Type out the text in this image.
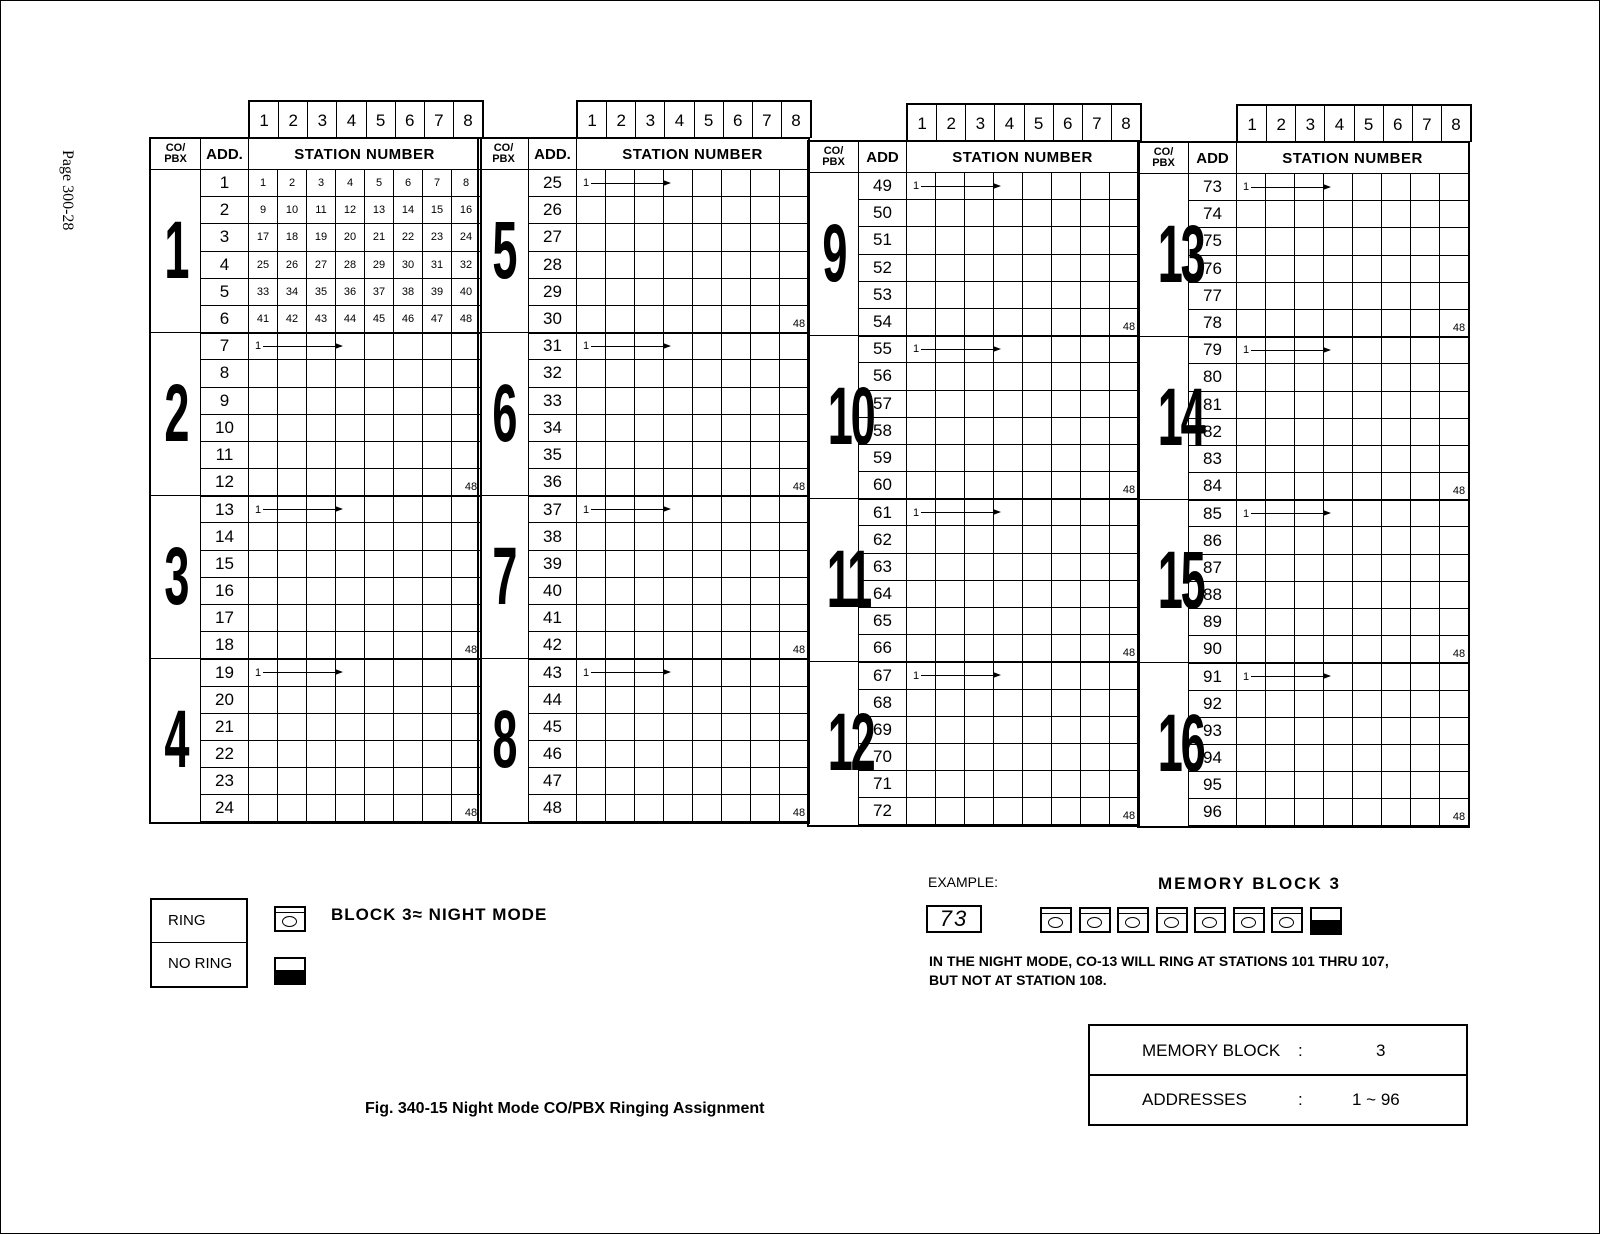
Page 300-28
1	2	3	4	5	6	7	8
CO/
PBX	ADD.	STATION NUMBER							
1	1	1	2	3	4	5	6	7	8
	2	9	10	11	12	13	14	15	16
	3	17	18	19	20	21	22	23	24
	4	25	26	27	28	29	30	31	32
	5	33	34	35	36	37	38	39	40
	6	41	42	43	44	45	46	47	48
2	7	1							

	8								
	9								
	10								
	11								
	12								48
3	13	1							

	14								
	15								
	16								
	17								
	18								48
4	19	1							

	20								
	21								
	22								
	23								
	24								48
1	2	3	4	5	6	7	8
CO/
PBX	ADD.	STATION NUMBER							
5	25	1							

	26								
	27								
	28								
	29								
	30								48
6	31	1							

	32								
	33								
	34								
	35								
	36								48
7	37	1							

	38								
	39								
	40								
	41								
	42								48
8	43	1							

	44								
	45								
	46								
	47								
	48								48
1	2	3	4	5	6	7	8
CO/
PBX	ADD	STATION NUMBER							
9	49	1							

	50								
	51								
	52								
	53								
	54								48
10	55	1							

	56								
	57								
	58								
	59								
	60								48
11	61	1							

	62								
	63								
	64								
	65								
	66								48
12	67	1							

	68								
	69								
	70								
	71								
	72								48
1	2	3	4	5	6	7	8
CO/
PBX	ADD	STATION NUMBER							
13	73	1							

	74								
	75								
	76								
	77								
	78								48
14	79	1							

	80								
	81								
	82								
	83								
	84								48
15	85	1							

	86								
	87								
	88								
	89								
	90								48
16	91	1							

	92								
	93								
	94								
	95								
	96								48
RING
NO RING
BLOCK 3≈ NIGHT MODE
EXAMPLE:	MEMORY BLOCK 3
73
IN THE NIGHT MODE, CO-13 WILL RING AT STATIONS 101 THRU 107,
BUT NOT AT STATION 108.
MEMORY BLOCK :	3
ADDRESSES	:	1 ~ 96
Fig. 340-15 Night Mode CO/PBX Ringing Assignment
